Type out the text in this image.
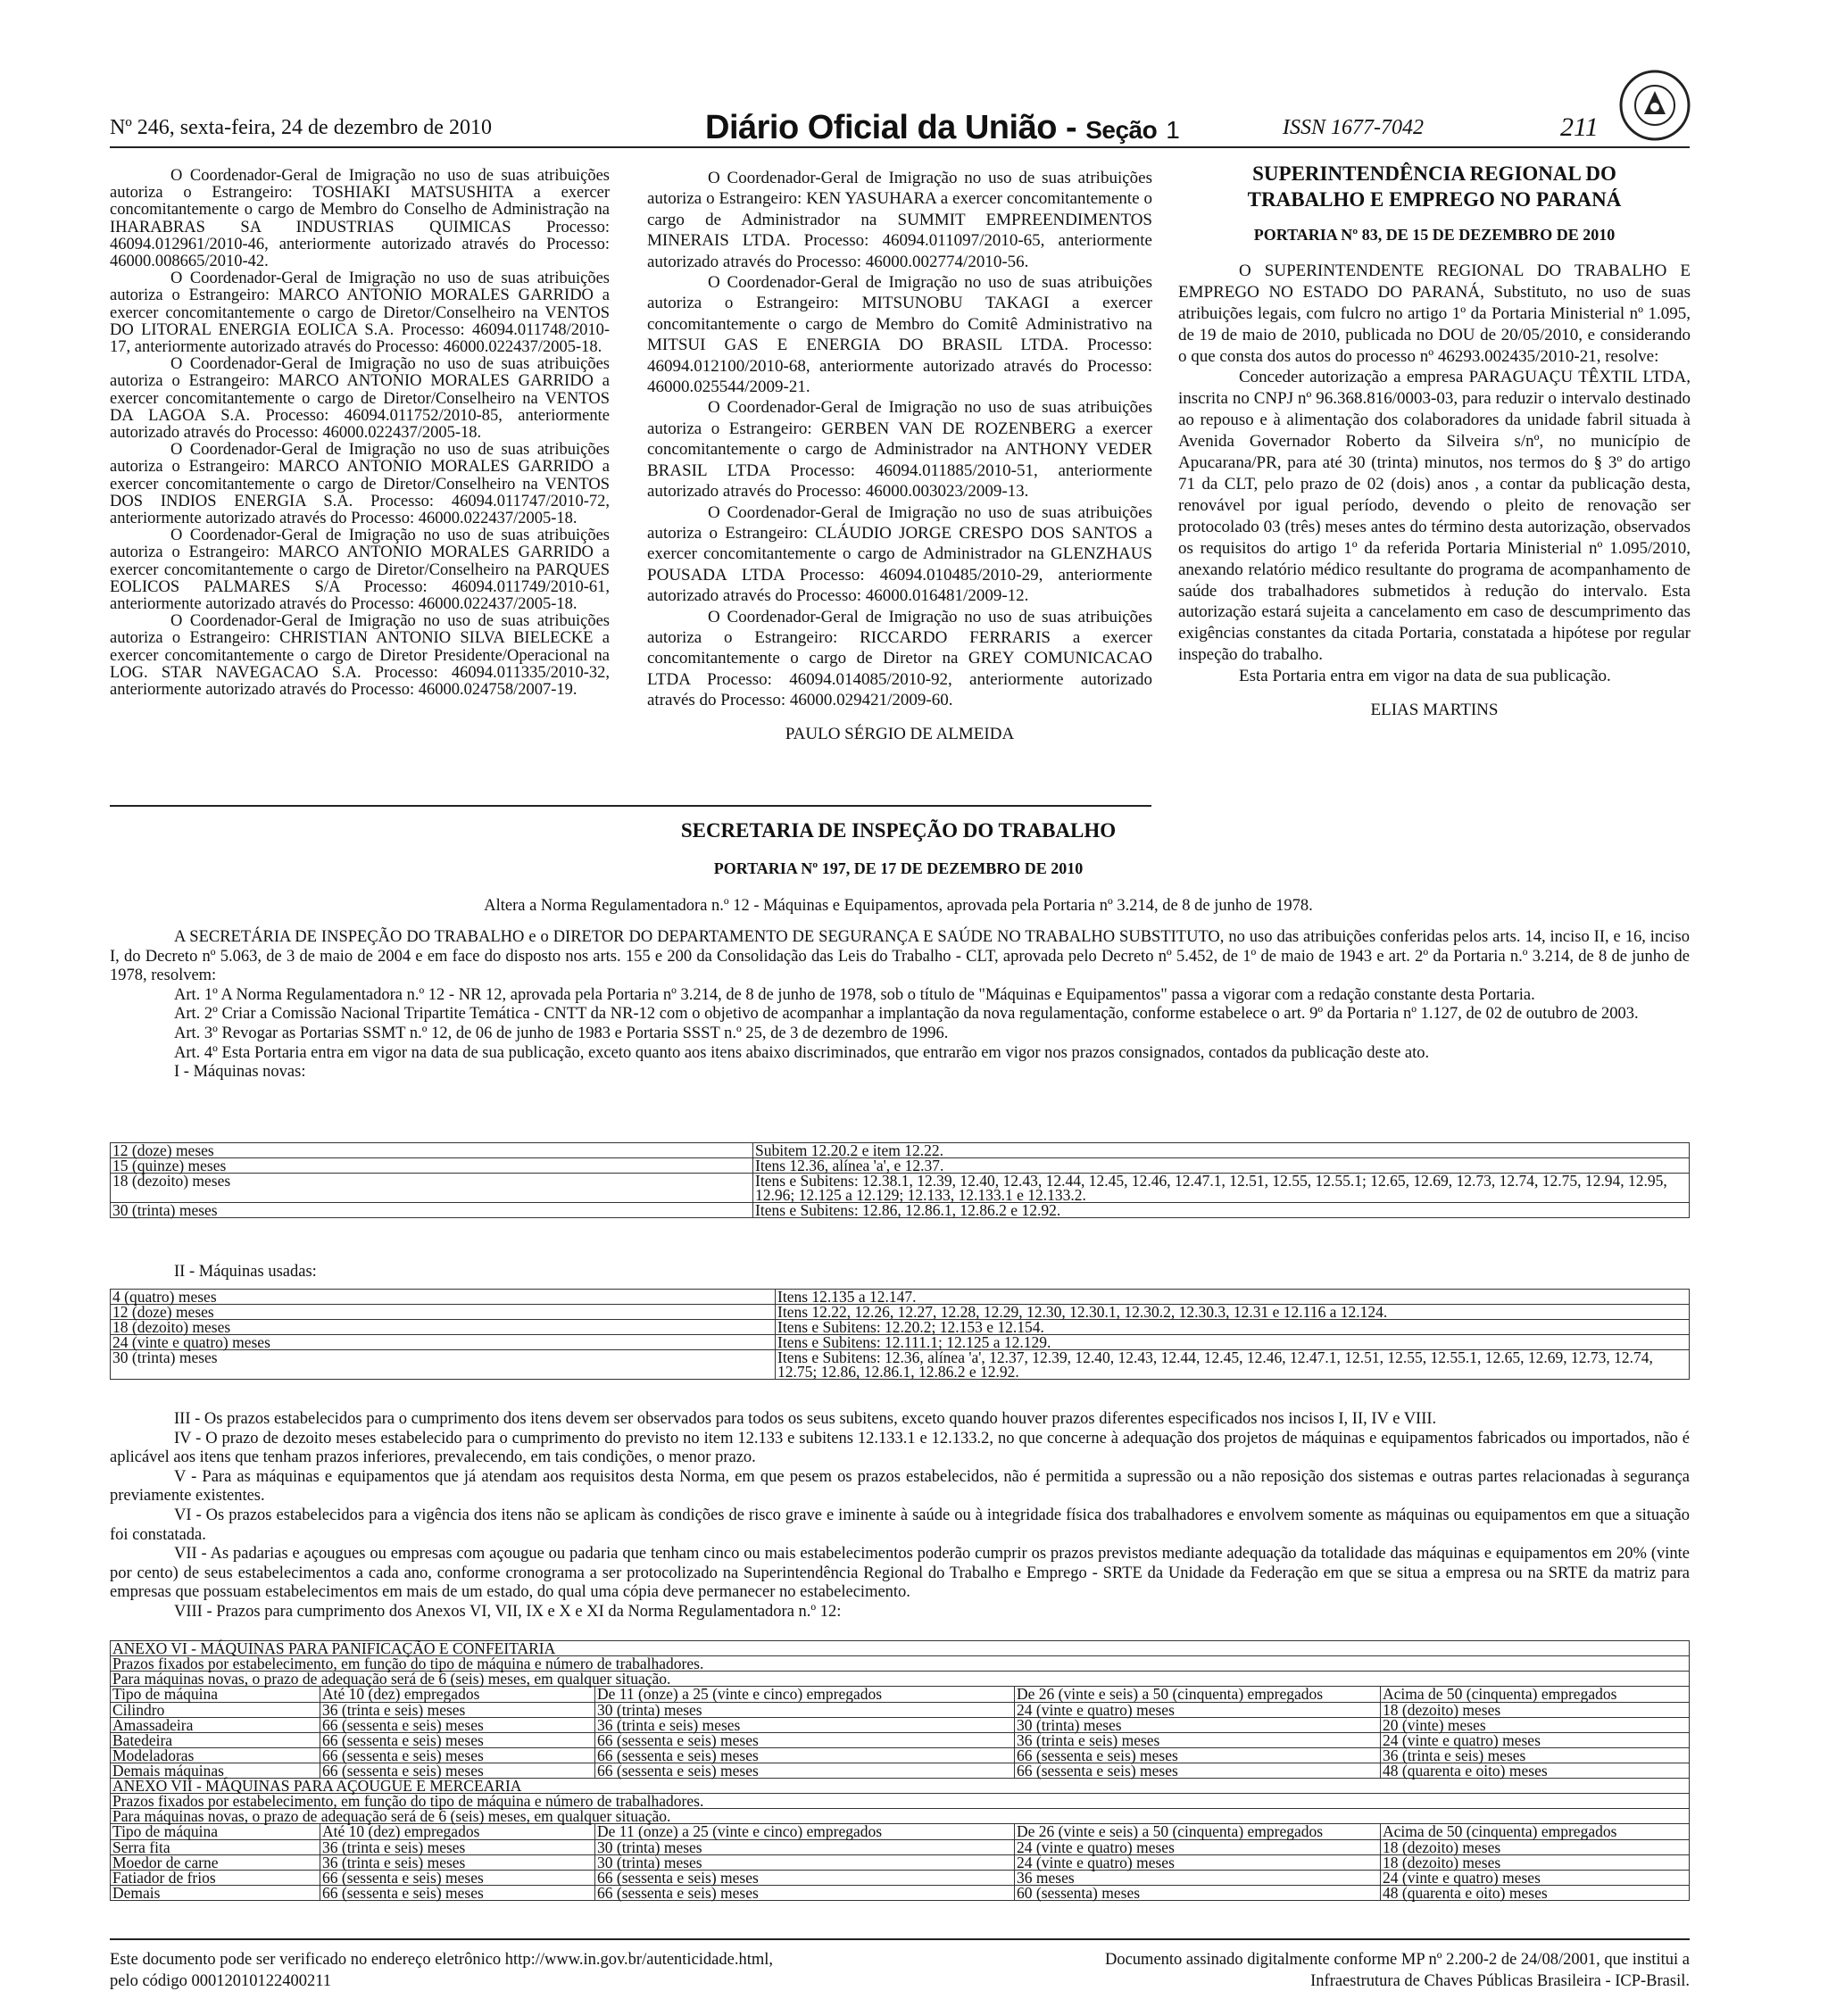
Nº 246, sexta-feira, 24 de dezembro de 2010	Diário Oficial da União - Seção 1	ISSN 1677-7042	211

O Coordenador-Geral de Imigração no uso de suas atribuições autoriza o Estrangeiro: TOSHIAKI MATSUSHITA a exercer concomitantemente o cargo de Membro do Conselho de Administração na IHARABRAS SA INDUSTRIAS QUIMICAS Processo: 46094.012961/2010-46, anteriormente autorizado através do Processo: 46000.008665/2010-42.

O Coordenador-Geral de Imigração no uso de suas atribuições autoriza o Estrangeiro: MARCO ANTONIO MORALES GARRIDO a exercer concomitantemente o cargo de Diretor/Conselheiro na VENTOS DO LITORAL ENERGIA EOLICA S.A. Processo: 46094.011748/2010-17, anteriormente autorizado através do Processo: 46000.022437/2005-18.

O Coordenador-Geral de Imigração no uso de suas atribuições autoriza o Estrangeiro: MARCO ANTONIO MORALES GARRIDO a exercer concomitantemente o cargo de Diretor/Conselheiro na VENTOS DA LAGOA S.A. Processo: 46094.011752/2010-85, anteriormente autorizado através do Processo: 46000.022437/2005-18.

O Coordenador-Geral de Imigração no uso de suas atribuições autoriza o Estrangeiro: MARCO ANTONIO MORALES GARRIDO a exercer concomitantemente o cargo de Diretor/Conselheiro na VENTOS DOS INDIOS ENERGIA S.A. Processo: 46094.011747/2010-72, anteriormente autorizado através do Processo: 46000.022437/2005-18.

O Coordenador-Geral de Imigração no uso de suas atribuições autoriza o Estrangeiro: MARCO ANTONIO MORALES GARRIDO a exercer concomitantemente o cargo de Diretor/Conselheiro na PARQUES EOLICOS PALMARES S/A Processo: 46094.011749/2010-61, anteriormente autorizado através do Processo: 46000.022437/2005-18.

O Coordenador-Geral de Imigração no uso de suas atribuições autoriza o Estrangeiro: CHRISTIAN ANTONIO SILVA BIELECKE a exercer concomitantemente o cargo de Diretor Presidente/Operacional na LOG. STAR NAVEGACAO S.A. Processo: 46094.011335/2010-32, anteriormente autorizado através do Processo: 46000.024758/2007-19.

O Coordenador-Geral de Imigração no uso de suas atribuições autoriza o Estrangeiro: KEN YASUHARA a exercer concomitantemente o cargo de Administrador na SUMMIT EMPREENDIMENTOS MINERAIS LTDA. Processo: 46094.011097/2010-65, anteriormente autorizado através do Processo: 46000.002774/2010-56.

O Coordenador-Geral de Imigração no uso de suas atribuições autoriza o Estrangeiro: MITSUNOBU TAKAGI a exercer concomitantemente o cargo de Membro do Comitê Administrativo na MITSUI GAS E ENERGIA DO BRASIL LTDA. Processo: 46094.012100/2010-68, anteriormente autorizado através do Processo: 46000.025544/2009-21.

O Coordenador-Geral de Imigração no uso de suas atribuições autoriza o Estrangeiro: GERBEN VAN DE ROZENBERG a exercer concomitantemente o cargo de Administrador na ANTHONY VEDER BRASIL LTDA Processo: 46094.011885/2010-51, anteriormente autorizado através do Processo: 46000.003023/2009-13.

O Coordenador-Geral de Imigração no uso de suas atribuições autoriza o Estrangeiro: CLÁUDIO JORGE CRESPO DOS SANTOS a exercer concomitantemente o cargo de Administrador na GLENZHAUS POUSADA LTDA Processo: 46094.010485/2010-29, anteriormente autorizado através do Processo: 46000.016481/2009-12.

O Coordenador-Geral de Imigração no uso de suas atribuições autoriza o Estrangeiro: RICCARDO FERRARIS a exercer concomitantemente o cargo de Diretor na GREY COMUNICACAO LTDA Processo: 46094.014085/2010-92, anteriormente autorizado através do Processo: 46000.029421/2009-60.

PAULO SÉRGIO DE ALMEIDA

SUPERINTENDÊNCIA REGIONAL DO

TRABALHO E EMPREGO NO PARANÁ

PORTARIA Nº 83, DE 15 DE DEZEMBRO DE 2010

O SUPERINTENDENTE REGIONAL DO TRABALHO E EMPREGO NO ESTADO DO PARANÁ, Substituto, no uso de suas atribuições legais, com fulcro no artigo 1º da Portaria Ministerial nº 1.095, de 19 de maio de 2010, publicada no DOU de 20/05/2010, e considerando o que consta dos autos do processo nº 46293.002435/2010-21, resolve:

Conceder autorização a empresa PARAGUAÇU TÊXTIL LTDA, inscrita no CNPJ nº 96.368.816/0003-03, para reduzir o intervalo destinado ao repouso e à alimentação dos colaboradores da unidade fabril situada à Avenida Governador Roberto da Silveira s/nº, no município de Apucarana/PR, para até 30 (trinta) minutos, nos termos do § 3º do artigo 71 da CLT, pelo prazo de 02 (dois) anos , a contar da publicação desta, renovável por igual período, devendo o pleito de renovação ser protocolado 03 (três) meses antes do término desta autorização, observados os requisitos do artigo 1º da referida Portaria Ministerial nº 1.095/2010, anexando relatório médico resultante do programa de acompanhamento de saúde dos trabalhadores submetidos à redução do intervalo. Esta autorização estará sujeita a cancelamento em caso de descumprimento das exigências constantes da citada Portaria, constatada a hipótese por regular inspeção do trabalho.

Esta Portaria entra em vigor na data de sua publicação.

ELIAS MARTINS

SECRETARIA DE INSPEÇÃO DO TRABALHO
PORTARIA Nº 197, DE 17 DE DEZEMBRO DE 2010
Altera a Norma Regulamentadora n.º 12 - Máquinas e Equipamentos, aprovada pela Portaria nº 3.214, de 8 de junho de 1978.

A SECRETÁRIA DE INSPEÇÃO DO TRABALHO e o DIRETOR DO DEPARTAMENTO DE SEGURANÇA E SAÚDE NO TRABALHO SUBSTITUTO, no uso das atribuições conferidas pelos arts. 14, inciso II, e 16, inciso I, do Decreto nº 5.063, de 3 de maio de 2004 e em face do disposto nos arts. 155 e 200 da Consolidação das Leis do Trabalho - CLT, aprovada pelo Decreto nº 5.452, de 1º de maio de 1943 e art. 2º da Portaria n.º 3.214, de 8 de junho de 1978, resolvem:

Art. 1º A Norma Regulamentadora n.º 12 - NR 12, aprovada pela Portaria nº 3.214, de 8 de junho de 1978, sob o título de "Máquinas e Equipamentos" passa a vigorar com a redação constante desta Portaria.

Art. 2º Criar a Comissão Nacional Tripartite Temática - CNTT da NR-12 com o objetivo de acompanhar a implantação da nova regulamentação, conforme estabelece o art. 9º da Portaria nº 1.127, de 02 de outubro de 2003.

Art. 3º Revogar as Portarias SSMT n.º 12, de 06 de junho de 1983 e Portaria SSST n.º 25, de 3 de dezembro de 1996.

Art. 4º Esta Portaria entra em vigor na data de sua publicação, exceto quanto aos itens abaixo discriminados, que entrarão em vigor nos prazos consignados, contados da publicação deste ato.

I - Máquinas novas:

12 (doze) meses	Subitem 12.20.2 e item 12.22.
15 (quinze) meses	Itens 12.36, alínea 'a', e 12.37.
18 (dezoito) meses	Itens e Subitens: 12.38.1, 12.39, 12.40, 12.43, 12.44, 12.45, 12.46, 12.47.1, 12.51, 12.55, 12.55.1; 12.65, 12.69, 12.73, 12.74, 12.75, 12.94, 12.95, 12.96; 12.125 a 12.129; 12.133, 12.133.1 e 12.133.2.
30 (trinta) meses	Itens e Subitens: 12.86, 12.86.1, 12.86.2 e 12.92.
II - Máquinas usadas:
4 (quatro) meses	Itens 12.135 a 12.147.
12 (doze) meses	Itens 12.22, 12.26, 12.27, 12.28, 12.29, 12.30, 12.30.1, 12.30.2, 12.30.3, 12.31 e 12.116 a 12.124.
18 (dezoito) meses	Itens e Subitens: 12.20.2; 12.153 e 12.154.
24 (vinte e quatro) meses	Itens e Subitens: 12.111.1; 12.125 a 12.129.
30 (trinta) meses	Itens e Subitens: 12.36, alínea 'a', 12.37, 12.39, 12.40, 12.43, 12.44, 12.45, 12.46, 12.47.1, 12.51, 12.55, 12.55.1, 12.65, 12.69, 12.73, 12.74, 12.75; 12.86, 12.86.1, 12.86.2 e 12.92.

III - Os prazos estabelecidos para o cumprimento dos itens devem ser observados para todos os seus subitens, exceto quando houver prazos diferentes especificados nos incisos I, II, IV e VIII.

IV - O prazo de dezoito meses estabelecido para o cumprimento do previsto no item 12.133 e subitens 12.133.1 e 12.133.2, no que concerne à adequação dos projetos de máquinas e equipamentos fabricados ou importados, não é aplicável aos itens que tenham prazos inferiores, prevalecendo, em tais condições, o menor prazo.

V - Para as máquinas e equipamentos que já atendam aos requisitos desta Norma, em que pesem os prazos estabelecidos, não é permitida a supressão ou a não reposição dos sistemas e outras partes relacionadas à segurança previamente existentes.

VI - Os prazos estabelecidos para a vigência dos itens não se aplicam às condições de risco grave e iminente à saúde ou à integridade física dos trabalhadores e envolvem somente as máquinas ou equipamentos em que a situação foi constatada.

VII - As padarias e açougues ou empresas com açougue ou padaria que tenham cinco ou mais estabelecimentos poderão cumprir os prazos previstos mediante adequação da totalidade das máquinas e equipamentos em 20% (vinte por cento) de seus estabelecimentos a cada ano, conforme cronograma a ser protocolizado na Superintendência Regional do Trabalho e Emprego - SRTE da Unidade da Federação em que se situa a empresa ou na SRTE da matriz para empresas que possuam estabelecimentos em mais de um estado, do qual uma cópia deve permanecer no estabelecimento.

VIII - Prazos para cumprimento dos Anexos VI, VII, IX e X e XI da Norma Regulamentadora n.º 12:

ANEXO VI - MÁQUINAS PARA PANIFICAÇÃO E CONFEITARIA				
Prazos fixados por estabelecimento, em função do tipo de máquina e número de trabalhadores.				
Para máquinas novas, o prazo de adequação será de 6 (seis) meses, em qualquer situação.				
Tipo de máquina	Até 10 (dez) empregados	De 11 (onze) a 25 (vinte e cinco) empregados	De 26 (vinte e seis) a 50 (cinquenta) empregados	Acima de 50 (cinquenta) empregados
Cilindro	36 (trinta e seis) meses	30 (trinta) meses	24 (vinte e quatro) meses	18 (dezoito) meses
Amassadeira	66 (sessenta e seis) meses	36 (trinta e seis) meses	30 (trinta) meses	20 (vinte) meses
Batedeira	66 (sessenta e seis) meses	66 (sessenta e seis) meses	36 (trinta e seis) meses	24 (vinte e quatro) meses
Modeladoras	66 (sessenta e seis) meses	66 (sessenta e seis) meses	66 (sessenta e seis) meses	36 (trinta e seis) meses
Demais máquinas	66 (sessenta e seis) meses	66 (sessenta e seis) meses	66 (sessenta e seis) meses	48 (quarenta e oito) meses
ANEXO VII - MÁQUINAS PARA AÇOUGUE E MERCEARIA				
Prazos fixados por estabelecimento, em função do tipo de máquina e número de trabalhadores.				
Para máquinas novas, o prazo de adequação será de 6 (seis) meses, em qualquer situação.				
Tipo de máquina	Até 10 (dez) empregados	De 11 (onze) a 25 (vinte e cinco) empregados	De 26 (vinte e seis) a 50 (cinquenta) empregados	Acima de 50 (cinquenta) empregados
Serra fita	36 (trinta e seis) meses	30 (trinta) meses	24 (vinte e quatro) meses	18 (dezoito) meses
Moedor de carne	36 (trinta e seis) meses	30 (trinta) meses	24 (vinte e quatro) meses	18 (dezoito) meses
Fatiador de frios	66 (sessenta e seis) meses	66 (sessenta e seis) meses	36 meses	24 (vinte e quatro) meses
Demais	66 (sessenta e seis) meses	66 (sessenta e seis) meses	60 (sessenta) meses	48 (quarenta e oito) meses
Este documento pode ser verificado no endereço eletrônico http://www.in.gov.br/autenticidade.html,
pelo código 00012010122400211
Documento assinado digitalmente conforme MP nº 2.200-2 de 24/08/2001, que institui a
Infraestrutura de Chaves Públicas Brasileira - ICP-Brasil.
